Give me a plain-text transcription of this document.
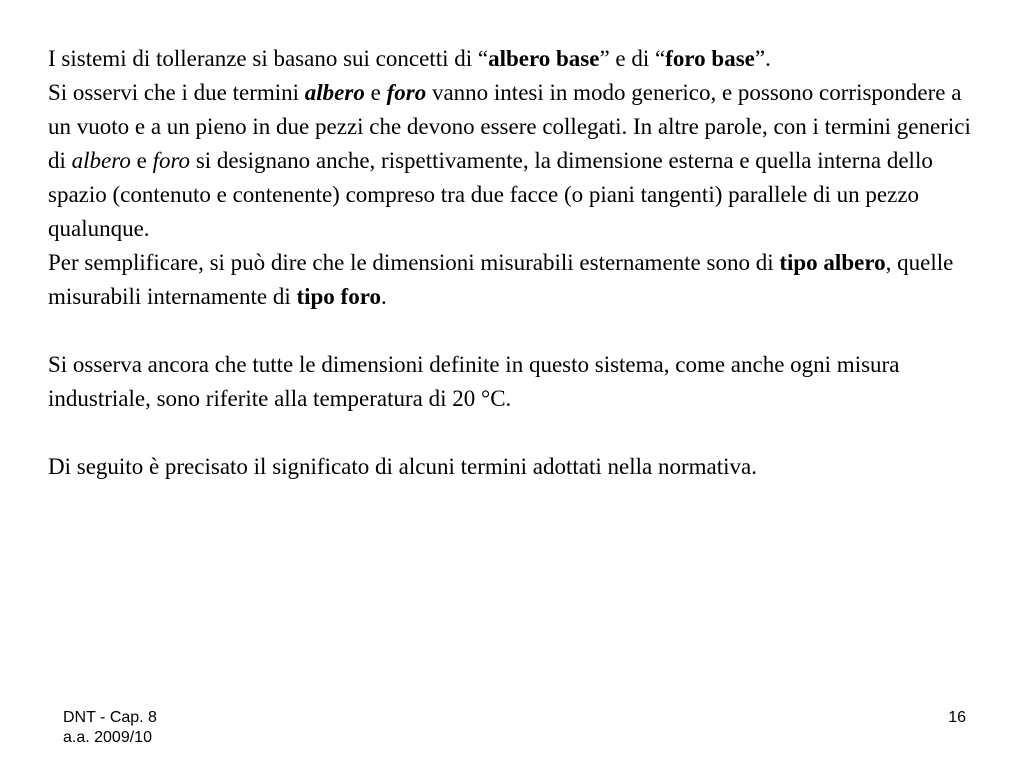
I sistemi di tolleranze si basano sui concetti di “albero base” e di “foro base”.

Si osservi che i due termini albero e foro vanno intesi in modo generico, e possono corrispondere a un vuoto e a un pieno in due pezzi che devono essere collegati. In altre parole, con i termini generici di albero e foro si designano anche, rispettivamente, la dimensione esterna e quella interna dello spazio (contenuto e contenente) compreso tra due facce (o piani tangenti) parallele di un pezzo qualunque.

Per semplificare, si può dire che le dimensioni misurabili esternamente sono di tipo albero, quelle misurabili internamente di tipo foro.

Si osserva ancora che tutte le dimensioni definite in questo sistema, come anche ogni misura industriale, sono riferite alla temperatura di 20 °C.

Di seguito è precisato il significato di alcuni termini adottati nella normativa.

DNT - Cap. 8
a.a. 2009/10
16
